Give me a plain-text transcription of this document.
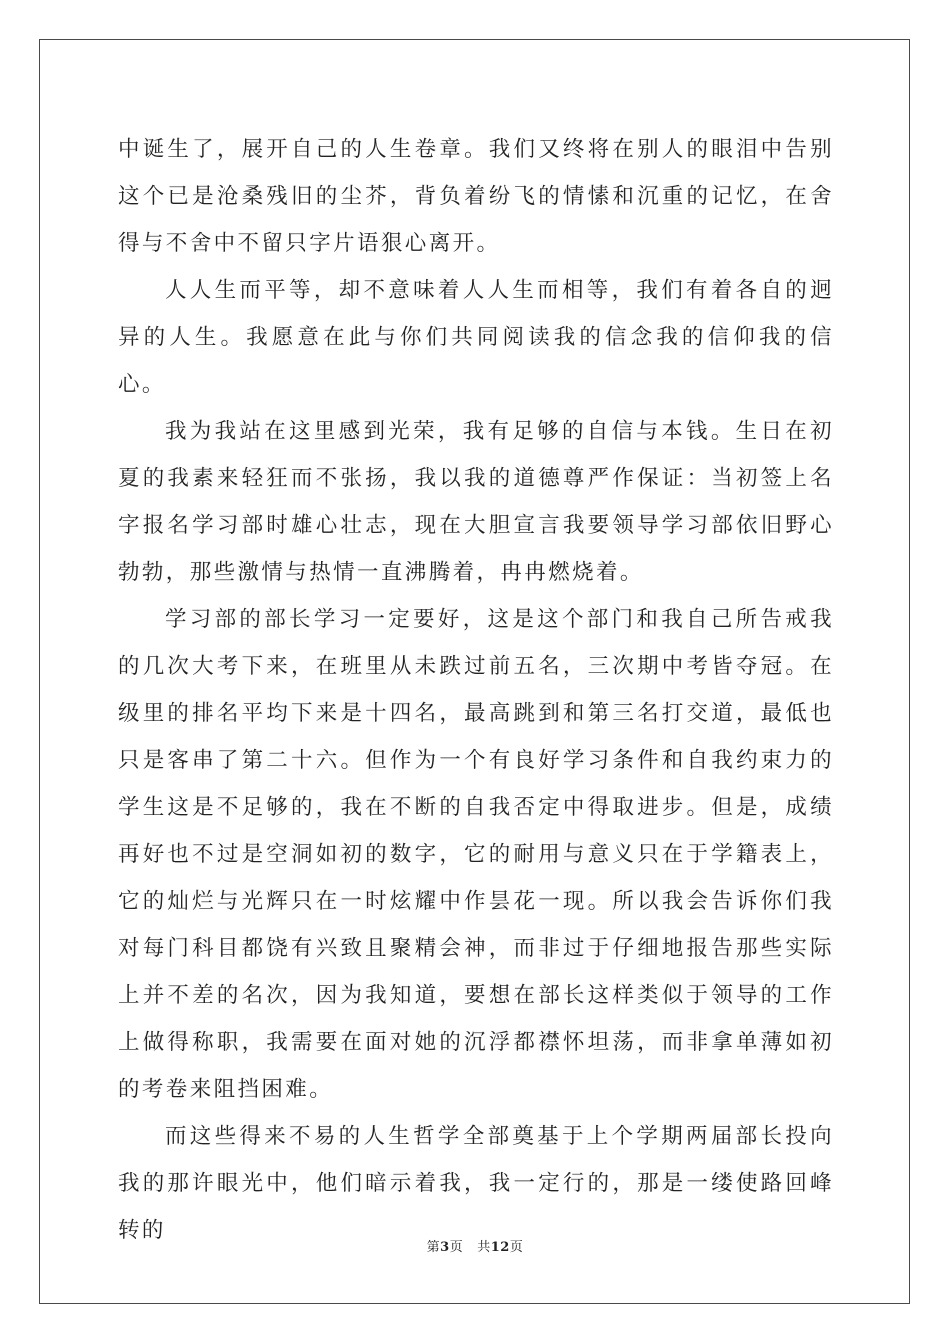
中诞生了，展开自己的人生卷章。我们又终将在别人的眼泪中告别这个已是沧桑残旧的尘芥，背负着纷飞的情愫和沉重的记忆，在舍得与不舍中不留只字片语狠心离开。

人人生而平等，却不意味着人人生而相等，我们有着各自的迥异的人生。我愿意在此与你们共同阅读我的信念我的信仰我的信心。

我为我站在这里感到光荣，我有足够的自信与本钱。生日在初夏的我素来轻狂而不张扬，我以我的道德尊严作保证：当初签上名字报名学习部时雄心壮志，现在大胆宣言我要领导学习部依旧野心勃勃，那些激情与热情一直沸腾着，冉冉燃烧着。

学习部的部长学习一定要好，这是这个部门和我自己所告戒我的几次大考下来，在班里从未跌过前五名，三次期中考皆夺冠。在级里的排名平均下来是十四名，最高跳到和第三名打交道，最低也只是客串了第二十六。但作为一个有良好学习条件和自我约束力的学生这是不足够的，我在不断的自我否定中得取进步。但是，成绩再好也不过是空洞如初的数字，它的耐用与意义只在于学籍表上，它的灿烂与光辉只在一时炫耀中作昙花一现。所以我会告诉你们我对每门科目都饶有兴致且聚精会神，而非过于仔细地报告那些实际上并不差的名次，因为我知道，要想在部长这样类似于领导的工作上做得称职，我需要在面对她的沉浮都襟怀坦荡，而非拿单薄如初的考卷来阻挡困难。

而这些得来不易的人生哲学全部奠基于上个学期两届部长投向我的那许眼光中，他们暗示着我，我一定行的，那是一缕使路回峰转的

第3页 共12页
